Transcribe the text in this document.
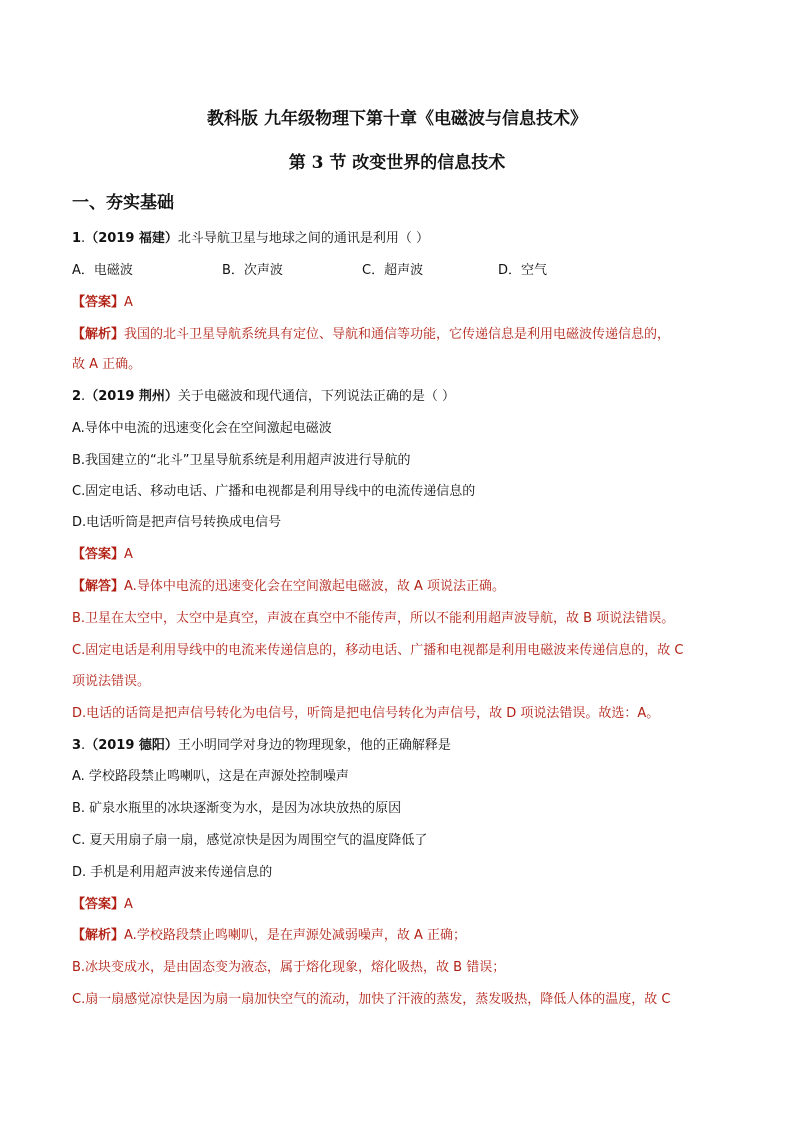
教科版 九年级物理下第十章《电磁波与信息技术》
第 3 节 改变世界的信息技术
一、夯实基础
1.（2019 福建）北斗导航卫星与地球之间的通讯是利用（ ）
A．电磁波	B．次声波	C．超声波	D．空气
【答案】A
【解析】我国的北斗卫星导航系统具有定位、导航和通信等功能，它传递信息是利用电磁波传递信息的，
故 A 正确。
2.（2019 荆州）关于电磁波和现代通信，下列说法正确的是（ ）
A.导体中电流的迅速变化会在空间激起电磁波
B.我国建立的“北斗”卫星导航系统是利用超声波进行导航的
C.固定电话、移动电话、广播和电视都是利用导线中的电流传递信息的
D.电话听筒是把声信号转换成电信号
【答案】A
【解答】A.导体中电流的迅速变化会在空间激起电磁波，故 A 项说法正确。
B.卫星在太空中，太空中是真空，声波在真空中不能传声，所以不能利用超声波导航，故 B 项说法错误。
C.固定电话是利用导线中的电流来传递信息的，移动电话、广播和电视都是利用电磁波来传递信息的，故 C
项说法错误。
D.电话的话筒是把声信号转化为电信号，听筒是把电信号转化为声信号，故 D 项说法错误。故选：A。
3.（2019 德阳）王小明同学对身边的物理现象，他的正确解释是
A. 学校路段禁止鸣喇叭，这是在声源处控制噪声
B. 矿泉水瓶里的冰块逐渐变为水，是因为冰块放热的原因
C. 夏天用扇子扇一扇，感觉凉快是因为周围空气的温度降低了
D. 手机是利用超声波来传递信息的
【答案】A
【解析】A.学校路段禁止鸣喇叭，是在声源处减弱噪声，故 A 正确；
B.冰块变成水，是由固态变为液态，属于熔化现象，熔化吸热，故 B 错误；
C.扇一扇感觉凉快是因为扇一扇加快空气的流动，加快了汗液的蒸发，蒸发吸热，降低人体的温度，故 C
